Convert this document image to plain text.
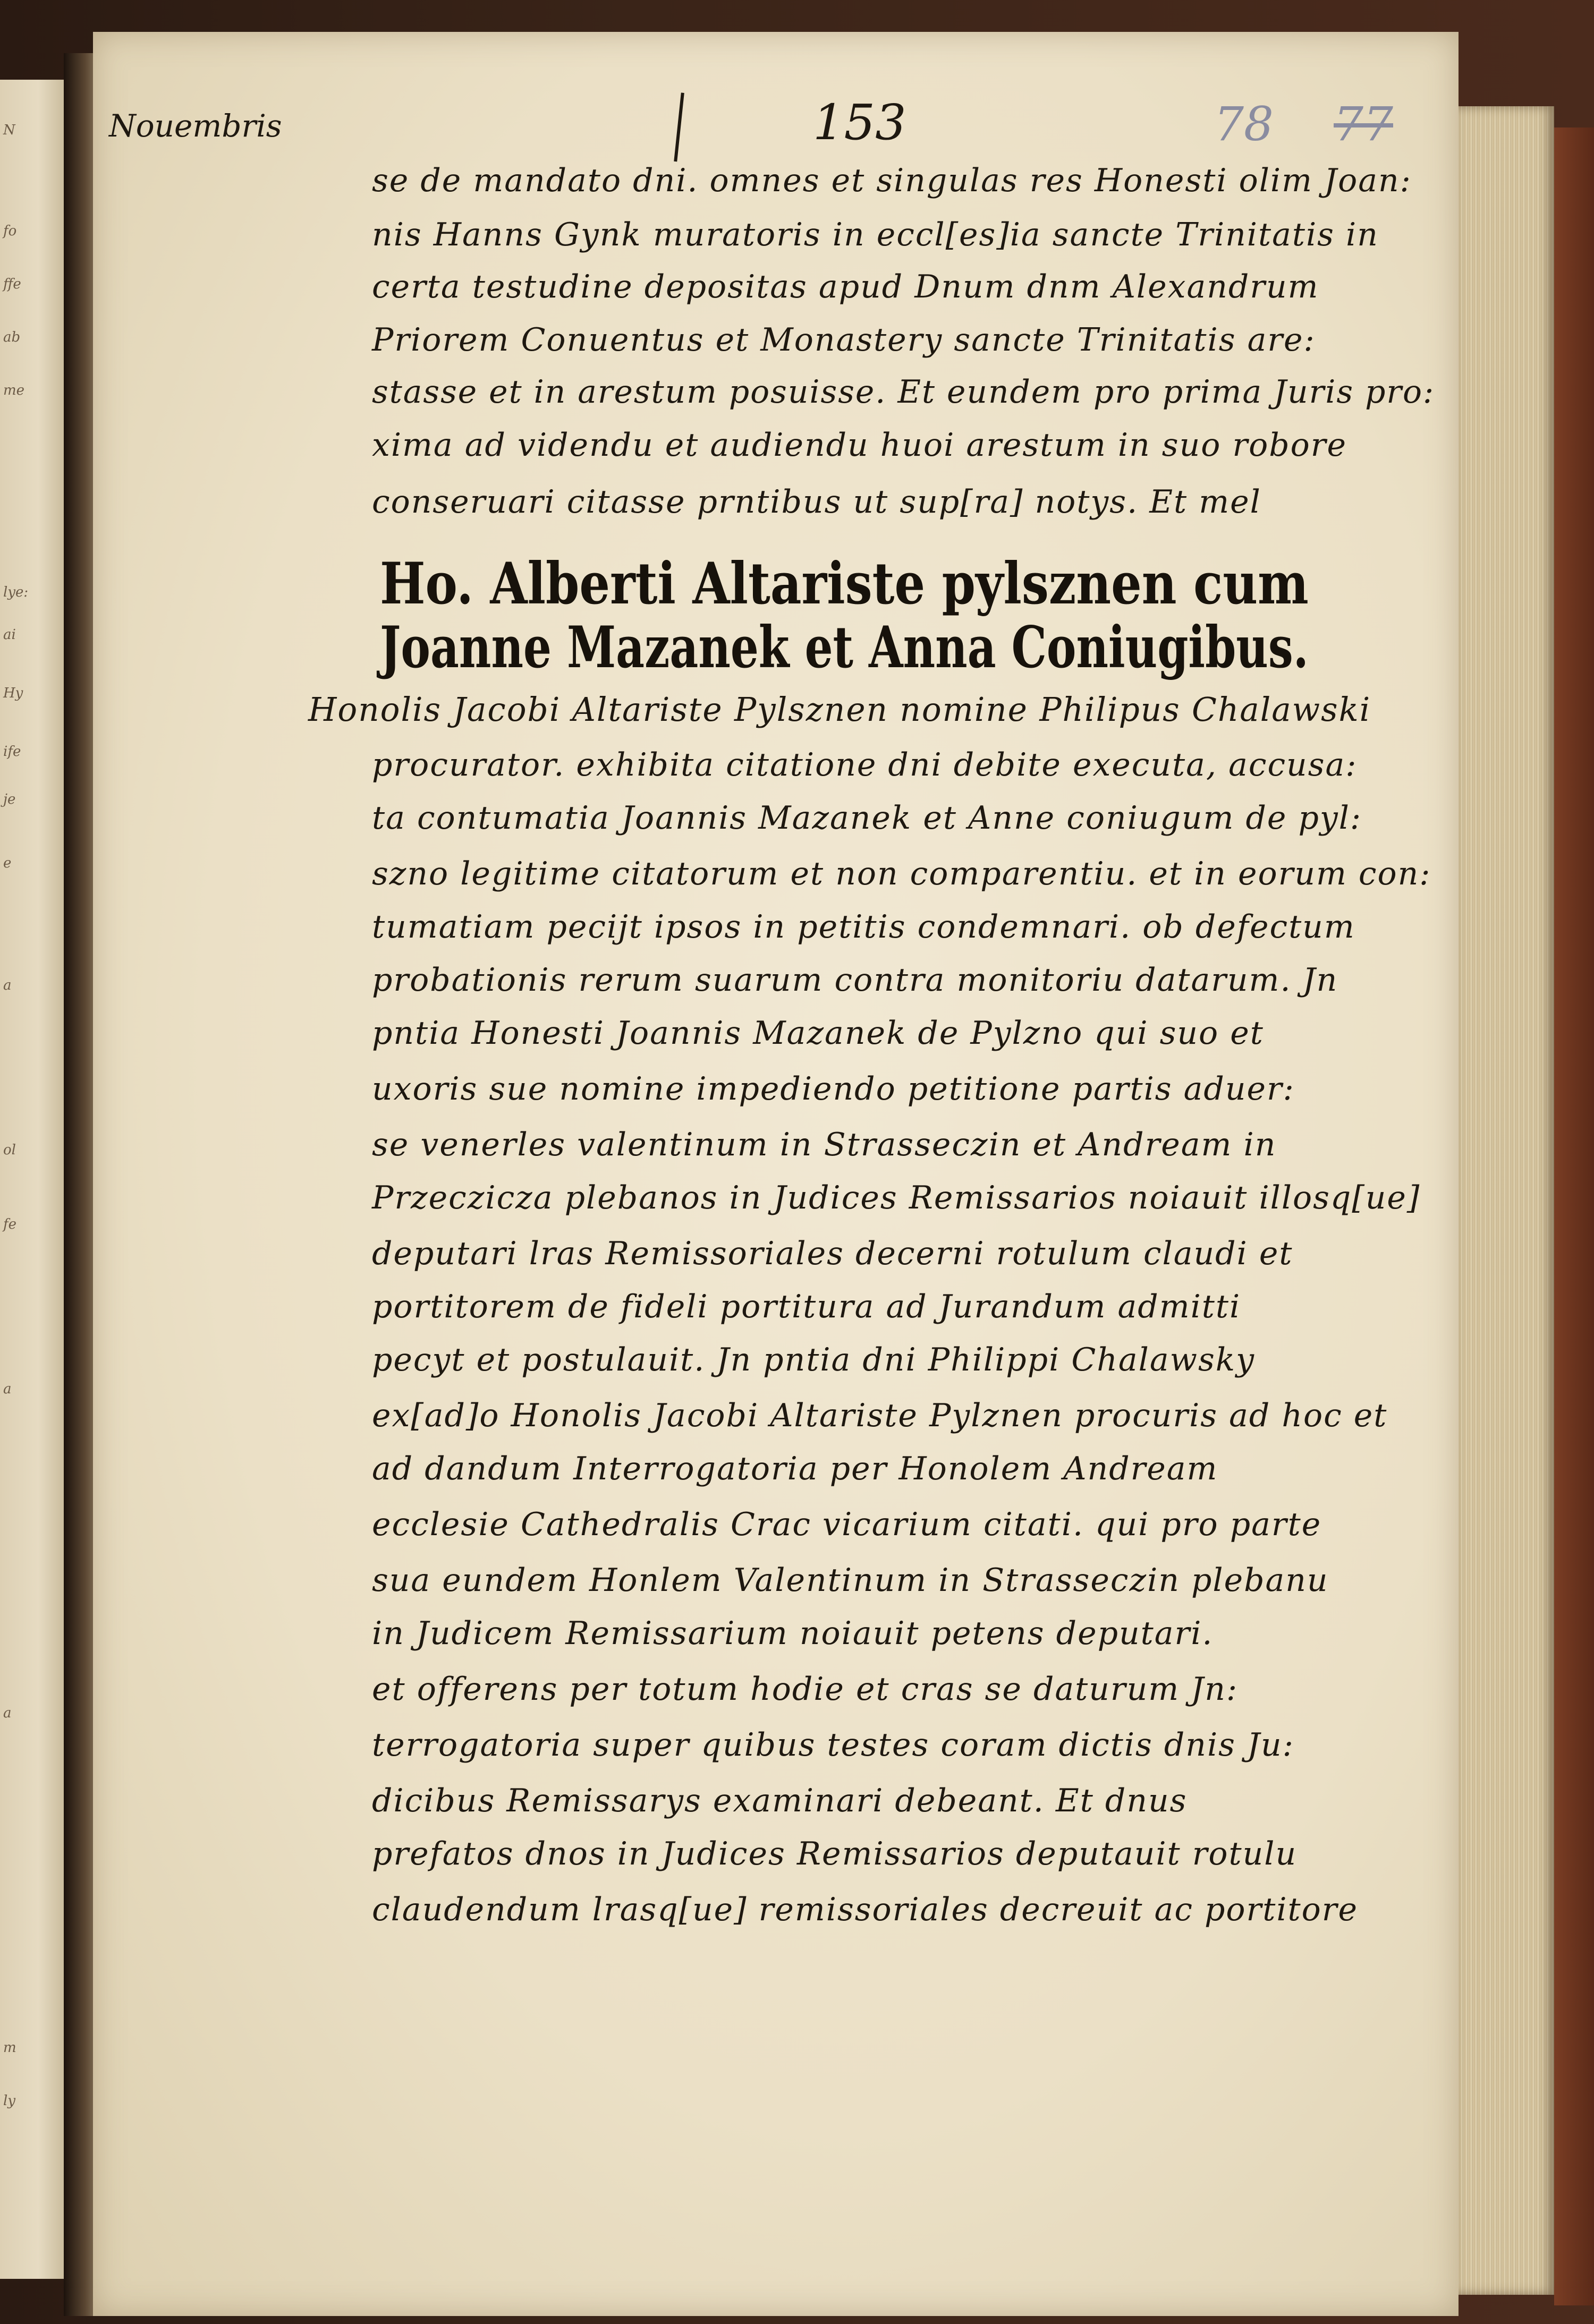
N
fo
ffe
ab
me
lye:
ai
Hy
ife
je
e
a
ol
fe
a
a
m
ly
Nouembris	153	78 77
se de mandato dni. omnes et singulas res Honesti olim Joan:
nis Hanns Gynk muratoris in eccl[es]ia sancte Trinitatis in
certa testudine depositas apud Dnum dnm Alexandrum
Priorem Conuentus et Monastery sancte Trinitatis are:
stasse et in arestum posuisse. Et eundem pro prima Juris pro:
xima ad videndu et audiendu huoi arestum in suo robore
conseruari citasse prntibus ut sup[ra] notys. Et mel
Ho. Alberti Altariste pylsznen cum
Joanne Mazanek et Anna Coniugibus.
Honolis Jacobi Altariste Pylsznen nomine Philipus Chalawski
procurator. exhibita citatione dni debite executa, accusa:
ta contumatia Joannis Mazanek et Anne coniugum de pyl:
szno legitime citatorum et non comparentiu. et in eorum con:
tumatiam pecijt ipsos in petitis condemnari. ob defectum
probationis rerum suarum contra monitoriu datarum. Jn
pntia Honesti Joannis Mazanek de Pylzno qui suo et
uxoris sue nomine impediendo petitione partis aduer:
se venerles valentinum in Strasseczin et Andream in
Przeczicza plebanos in Judices Remissarios noiauit illosq[ue]
deputari lras Remissoriales decerni rotulum claudi et
portitorem de fideli portitura ad Jurandum admitti
pecyt et postulauit. Jn pntia dni Philippi Chalawsky
ex[ad]o Honolis Jacobi Altariste Pylznen procuris ad hoc et
ad dandum Interrogatoria per Honolem Andream
ecclesie Cathedralis Crac vicarium citati. qui pro parte
sua eundem Honlem Valentinum in Strasseczin plebanu
in Judicem Remissarium noiauit petens deputari.
et offerens per totum hodie et cras se daturum Jn:
terrogatoria super quibus testes coram dictis dnis Ju:
dicibus Remissarys examinari debeant. Et dnus
prefatos dnos in Judices Remissarios deputauit rotulu
claudendum lrasq[ue] remissoriales decreuit ac portitore
